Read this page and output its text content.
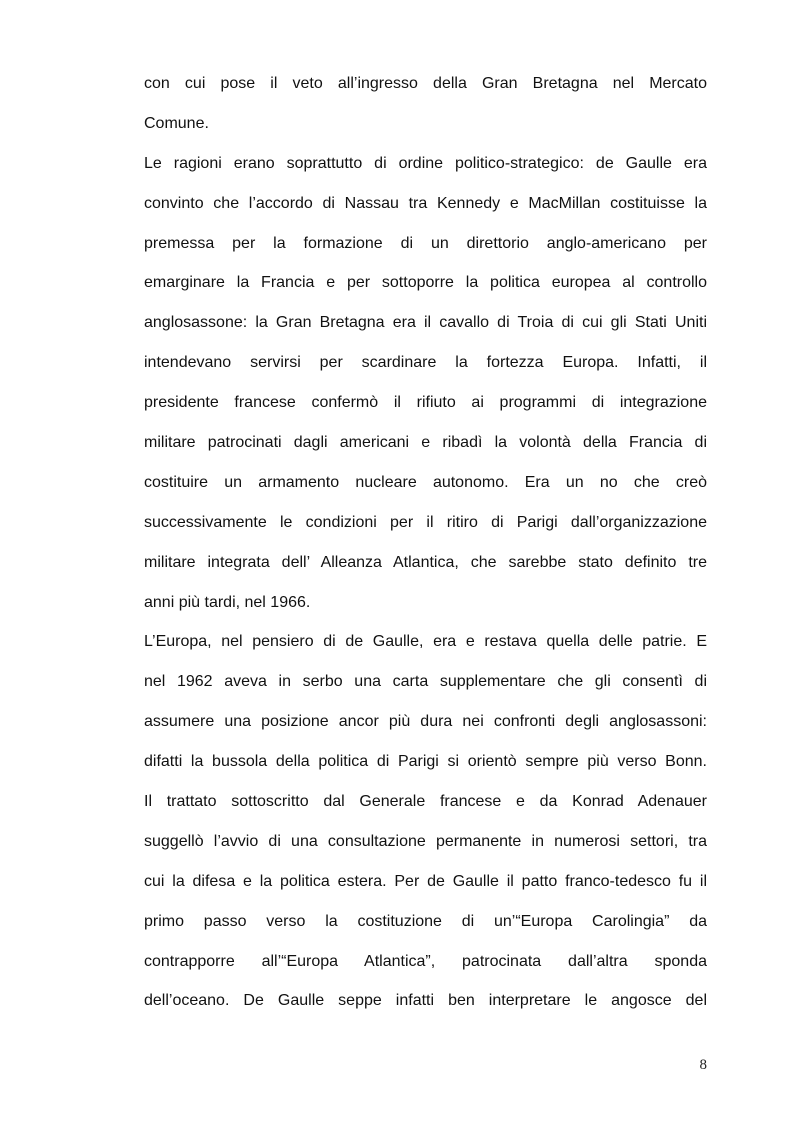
con cui pose il veto all’ingresso della Gran Bretagna nel Mercato
Comune.
Le ragioni erano soprattutto di ordine politico-strategico: de Gaulle era
convinto che l’accordo di Nassau tra Kennedy e MacMillan costituisse la
premessa per la formazione di un direttorio anglo-americano per
emarginare la Francia e per sottoporre la politica europea al controllo
anglosassone: la Gran Bretagna era il cavallo di Troia di cui gli Stati Uniti
intendevano servirsi per scardinare la fortezza Europa. Infatti, il
presidente francese confermò il rifiuto ai programmi di integrazione
militare patrocinati dagli americani e ribadì la volontà della Francia di
costituire un armamento nucleare autonomo. Era un no che creò
successivamente le condizioni per il ritiro di Parigi dall’organizzazione
militare integrata dell’ Alleanza Atlantica, che sarebbe stato definito tre
anni più tardi, nel 1966.
L’Europa, nel pensiero di de Gaulle, era e restava quella delle patrie. E
nel 1962 aveva in serbo una carta supplementare che gli consentì di
assumere una posizione ancor più dura nei confronti degli anglosassoni:
difatti la bussola della politica di Parigi si orientò sempre più verso Bonn.
Il trattato sottoscritto dal Generale francese e da Konrad Adenauer
suggellò l’avvio di una consultazione permanente in numerosi settori, tra
cui la difesa e la politica estera. Per de Gaulle il patto franco-tedesco fu il
primo passo verso la costituzione di un’“Europa Carolingia” da
contrapporre all’“Europa Atlantica”, patrocinata dall’altra sponda
dell’oceano. De Gaulle seppe infatti ben interpretare le angosce del
8
